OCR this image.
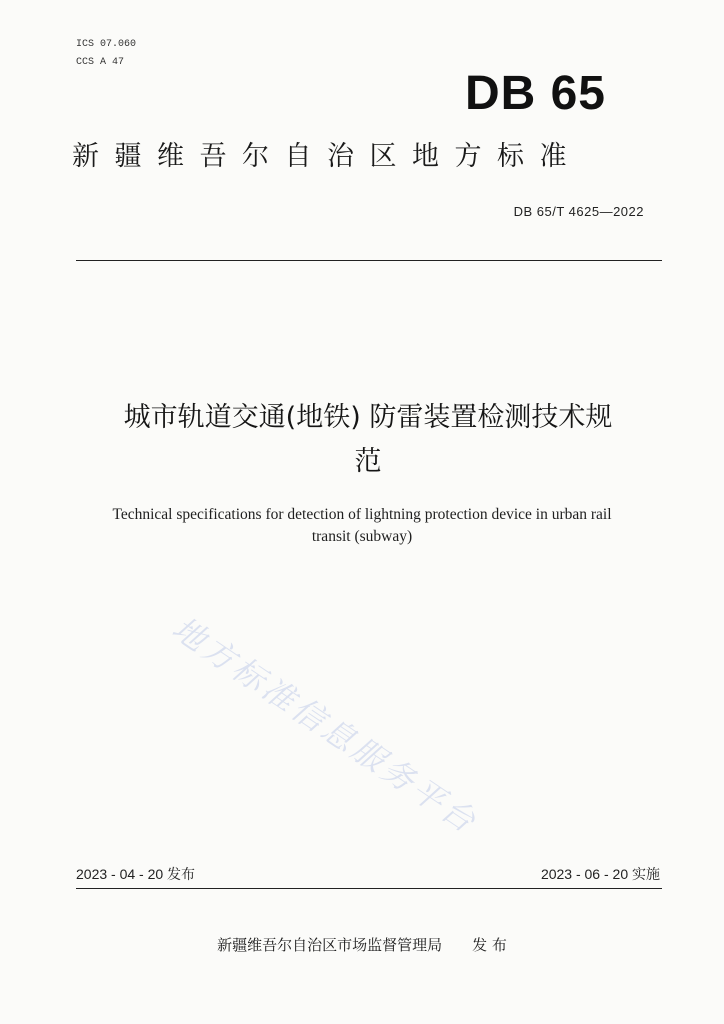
ICS 07.060
CCS A 47
DB 65
新疆维吾尔自治区地方标准
DB 65/T 4625—2022
城市轨道交通(地铁) 防雷装置检测技术规
范
Technical specifications for detection of lightning protection device in urban rail
transit (subway)
地方标准信息服务平台
2023 - 04 - 20 发布	2023 - 06 - 20 实施
新疆维吾尔自治区市场监督管理局 发 布
